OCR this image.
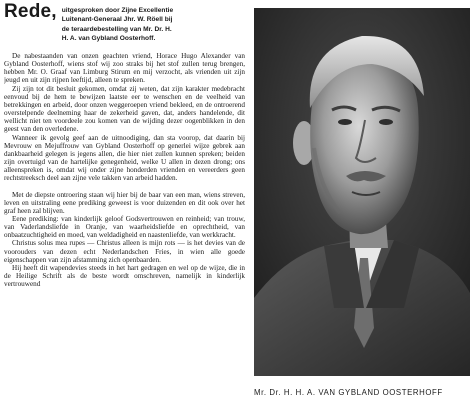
Rede, uitgesproken door Zijne Excellentie
Luitenant-Generaal Jhr. W. Röell bij
de teraardebestelling van Mr. Dr. H.
H. A. van Gybland Oosterhoff.

De nabestaanden van onzen geachten vriend, Horace Hugo Alexander van Gybland Oosterhoff, wiens stof wij zoo straks bij het stof zullen terug brengen, hebben Mr. O. Graaf van Limburg Stirum en mij verzocht, als vrienden uit zijn jeugd en uit zijn rijpen leeftijd, alleen te spreken.

Zij zijn tot dit besluit gekomen, omdat zij weten, dat zijn karakter medebracht eenvoud bij de hem te bewijzen laatste eer te wenschen en de veelheid van betrekkingen en arbeid, door onzen weggeroepen vriend bekleed, en de ontroerend overstelpende deelneming haar de zekerheid gaven, dat, anders handelende, dit wellicht niet ten voordeele zou komen van de wijding dezer oogenblikken in den geest van den overledene.

Wanneer ik gevolg geef aan de uitnoodiging, dan sta voorop, dat daarin bij Mevrouw en Mejuffrouw van Gybland Oosterhoff op generlei wijze gebrek aan dankbaarheid gelegen is jegens allen, die hier niet zullen kunnen spreken; beiden zijn overtuigd van de hartelijke genegenheid, welke U allen in dezen drong; ons alleenspreken is, omdat wij onder zijne honderden vrienden en vereerders geen rechtstreeksch deel aan zijne vele takken van arbeid hadden.

Met de diepste ontroering staan wij hier bij de baar van een man, wiens streven, leven en uitstraling eene prediking geweest is voor duizenden en dit ook over het graf heen zal blijven.

Eene prediking: van kinderlijk geloof Godsvertrouwen en reinheid; van trouw, van Vaderlandsliefde in Oranje, van waarheidsliefde en oprechtheid, van onbaatzuchtigheid en moed, van weldadigheid en naastenliefde, van werkkracht.

Christus solus mea rupes — Christus alleen is mijn rots — is het devies van de voorouders van dezen echt Nederlandschen Fries, in wien alle goede eigenschappen van zijn afstamming zich openbaarden.

Hij heeft dit wapendevies steeds in het hart gedragen en wel op de wijze, die in de Heilige Schrift als de beste wordt omschreven, namelijk in kinderlijk vertrouwend

Mr. Dr. H. H. A. VAN GYBLAND OOSTERHOFF
